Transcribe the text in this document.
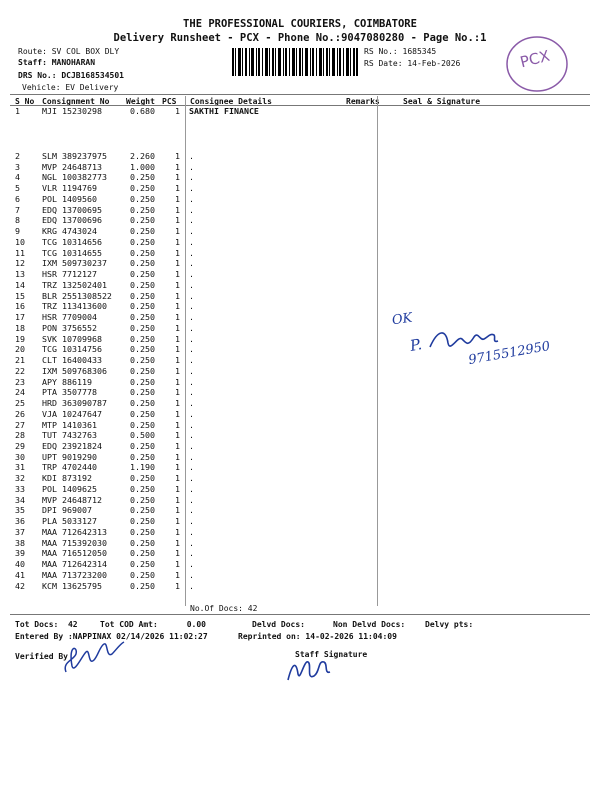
THE PROFESSIONAL COURIERS, COIMBATORE
Delivery Runsheet - PCX - Phone No.:9047080280 - Page No.:1
Route: SV COL BOX DLY
Staff: MANOHARAN
DRS No.: DCJB168534501
Vehicle: EV Delivery
RS No.: 1685345
RS Date: 14-Feb-2026	PCX
S No Consignment No Weight PCS Consignee Details	Remarks	Seal & Signature
1	MJI 15230298	0.680 1 SAKTHI FINANCE
2	SLM 389237975	2.260 1 .
3	MVP 24648713	1.000 1 .
4	NGL 100382773	0.250 1 .
5	VLR 1194769	0.250 1 .
6	POL 1409560	0.250 1 .
7	EDQ 13700695	0.250 1 .
8	EDQ 13700696	0.250 1 .
9	KRG 4743024	0.250 1 .
10 TCG 10314656	0.250 1 .
11 TCG 10314655	0.250 1 .
12 IXM 509730237	0.250 1 .
13 HSR 7712127	0.250 1 .
14 TRZ 132502401	0.250 1 .
15 BLR 2551308522 0.250 1 .
16 TRZ 113413600	0.250 1 .
17 HSR 7709004	0.250 1 .
18 PON 3756552	0.250 1 .
19 SVK 10709968	0.250 1 .
20 TCG 10314756	0.250 1 .
21 CLT 16400433	0.250 1 .
22 IXM 509768306	0.250 1 .
23 APY 886119	0.250 1 .
24 PTA 3507778	0.250 1 .
25 HRD 363090787	0.250 1 .
26 VJA 10247647	0.250 1 .
27 MTP 1410361	0.250 1 .
28 TUT 7432763	0.500 1 .
29 EDQ 23921824	0.250 1 .
30 UPT 9019290	0.250 1 .
31 TRP 4702440	1.190 1 .
32 KDI 873192	0.250 1 .
33 POL 1409625	0.250 1 .
34 MVP 24648712	0.250 1 .
35 DPI 969007	0.250 1 .
36 PLA 5033127	0.250 1 .
37 MAA 712642313	0.250 1 .
38 MAA 715392030	0.250 1 .
39 MAA 716512050	0.250 1 .
40 MAA 712642314	0.250 1 .
41 MAA 713723200	0.250 1 .
42 KCM 13625795	0.250 1 .
No.Of Docs: 42
Tot Docs:  42	Tot COD Amt:      0.00	Delvd Docs:	Non Delvd Docs: Delvy pts:
Entered By :NAPPINAX 02/14/2026 11:02:27	Reprinted on: 14-02-2026 11:04:09
Verified By	Staff Signature
OK
P.	9715512950
